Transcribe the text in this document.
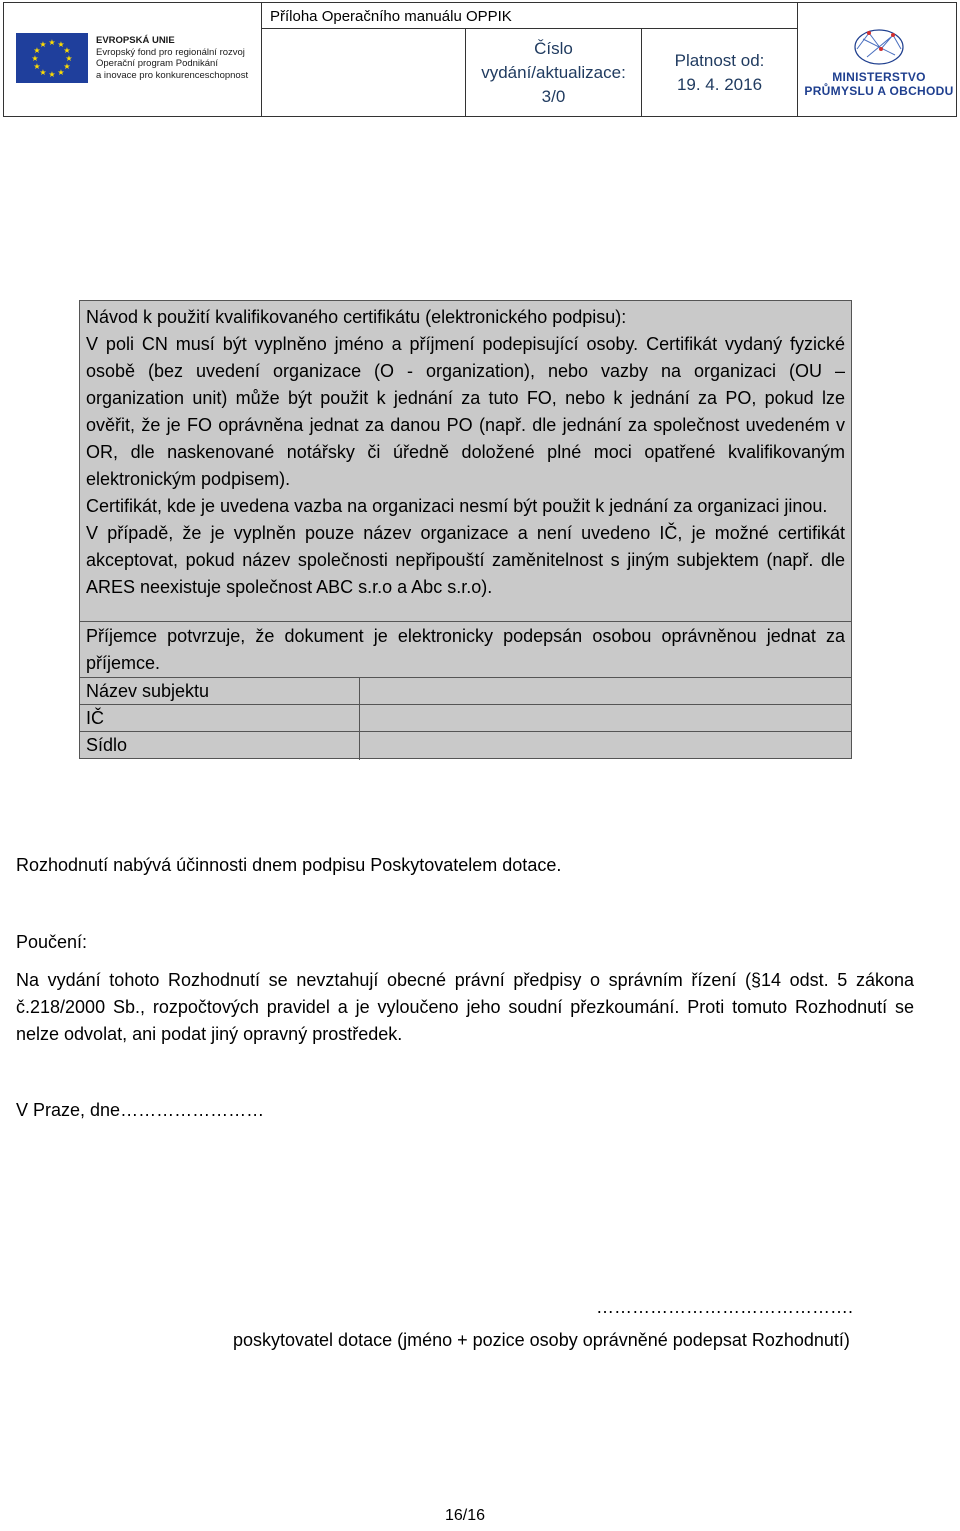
★ ★
★
★
★
★
★
★
★
★
★
★	EVROPSKÁ UNIE
Evropský fond pro regionální rozvoj
Operační program Podnikání
a inovace pro konkurenceschopnost
Příloha Operačního manuálu OPPIK
Číslo vydání/aktualizace:
3/0
Platnost od:
19. 4. 2016	MINISTERSTVO
PRŮMYSLU A OBCHODU

Návod k použití kvalifikovaného certifikátu (elektronického podpisu):

V poli CN musí být vyplněno jméno a příjmení podepisující osoby. Certifikát vydaný fyzické osobě (bez uvedení organizace (O - organization), nebo vazby na organizaci (OU – organization unit) může být použit k jednání za tuto FO, nebo k jednání za PO, pokud lze ověřit, že je FO oprávněna jednat za danou PO (např. dle jednání za společnost uvedeném v OR, dle naskenované notářsky či úředně doložené plné moci opatřené kvalifikovaným elektronickým podpisem).

Certifikát, kde je uvedena vazba na organizaci nesmí být použit k jednání za organizaci jinou.

V případě, že je vyplněn pouze název organizace a není uvedeno IČ, je možné certifikát akceptovat, pokud název společnosti nepřipouští zaměnitelnost s jiným subjektem (např. dle ARES neexistuje společnost ABC s.r.o a Abc s.r.o).

Příjemce potvrzuje, že dokument je elektronicky podepsán osobou oprávněnou jednat za příjemce.
Název subjektu
IČ
Sídlo
Rozhodnutí nabývá účinnosti dnem podpisu Poskytovatelem dotace.
Poučení:
Na vydání tohoto Rozhodnutí se nevztahují obecné právní předpisy o správním řízení (§14 odst. 5 zákona č.218/2000 Sb., rozpočtových pravidel a je vyloučeno jeho soudní přezkoumání. Proti tomuto Rozhodnutí se nelze odvolat, ani podat jiný opravný prostředek.
V Praze, dne……………………
…………………………………….
poskytovatel dotace (jméno + pozice osoby oprávněné podepsat Rozhodnutí)
16/16
